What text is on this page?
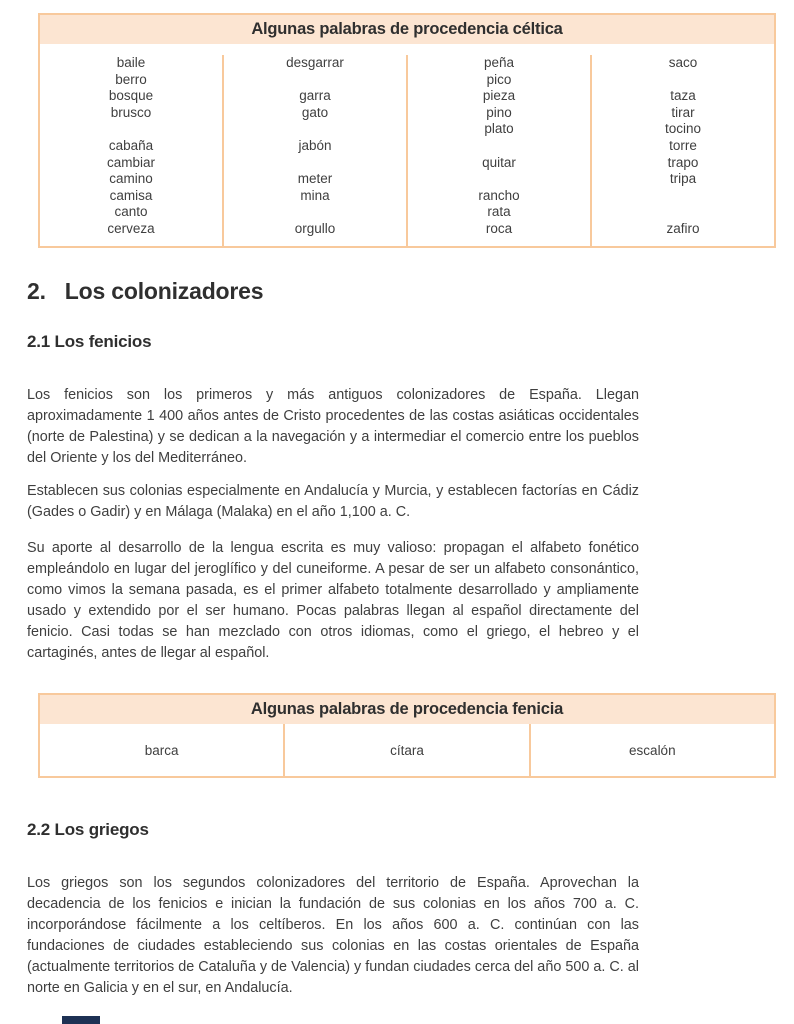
Algunas palabras de procedencia céltica
baile
berro
bosque
brusco
cabaña
cambiar
camino
camisa
canto
cerveza
desgarrar
garra
gato
jabón
meter
mina
orgullo
peña
pico
pieza
pino
plato
quitar
rancho
rata
roca
saco
taza
tirar
tocino
torre
trapo
tripa
zafiro
2. Los colonizadores
2.1 Los fenicios

Los fenicios son los primeros y más antiguos colonizadores de España. Llegan aproximadamente 1 400 años antes de Cristo procedentes de las costas asiáticas occidentales (norte de Palestina) y se dedican a la navegación y a intermediar el comercio entre los pueblos del Oriente y los del Mediterráneo.

Establecen sus colonias especialmente en Andalucía y Murcia, y establecen factorías en Cádiz (Gades o Gadir) y en Málaga (Malaka) en el año 1,100 a. C.

Su aporte al desarrollo de la lengua escrita es muy valioso: propagan el alfabeto fonético empleándolo en lugar del jeroglífico y del cuneiforme. A pesar de ser un alfabeto consonántico, como vimos la semana pasada, es el primer alfabeto totalmente desarrollado y ampliamente usado y extendido por el ser humano. Pocas palabras llegan al español directamente del fenicio. Casi todas se han mezclado con otros idiomas, como el griego, el hebreo y el cartaginés, antes de llegar al español.

Algunas palabras de procedencia fenicia
barca	cítara	escalón
2.2 Los griegos

Los griegos son los segundos colonizadores del territorio de España. Aprovechan la decadencia de los fenicios e inician la fundación de sus colonias en los años 700 a. C. incorporándose fácilmente a los celtíberos. En los años 600 a. C. continúan con las fundaciones de ciudades estableciendo sus colonias en las costas orientales de España (actualmente territorios de Cataluña y de Valencia) y fundan ciudades cerca del año 500 a. C. al norte en Galicia y en el sur, en Andalucía.
